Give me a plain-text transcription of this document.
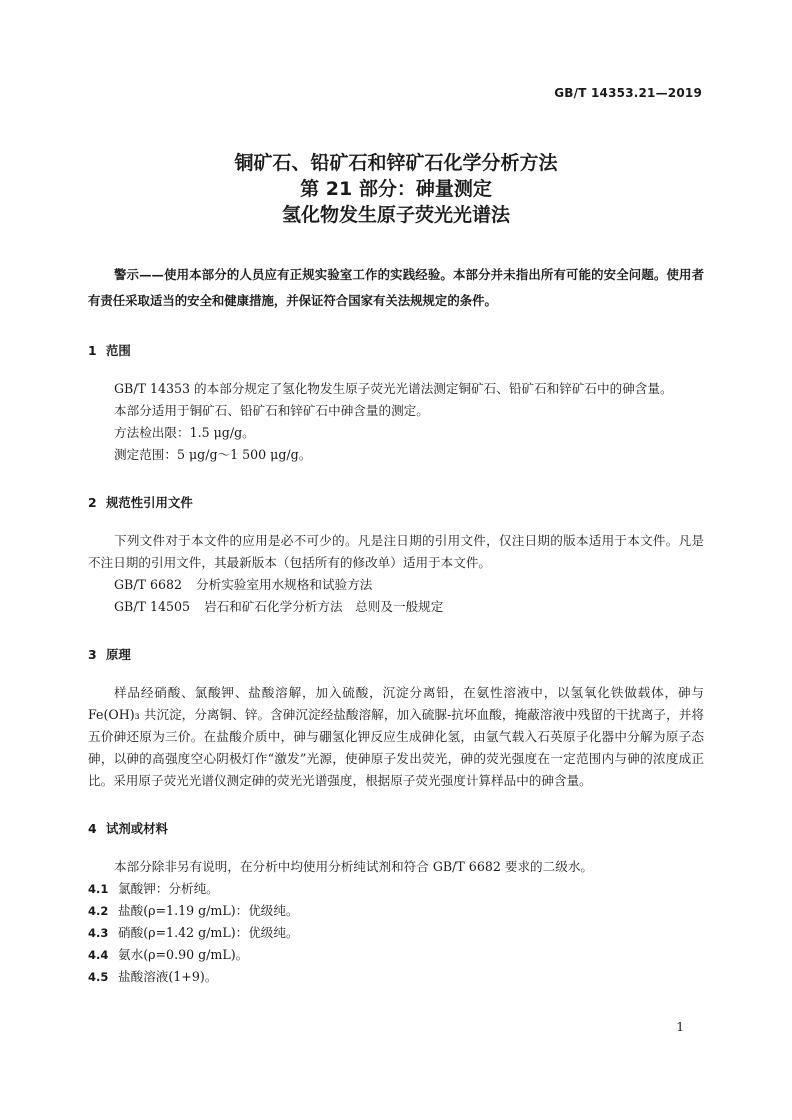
GB/T 14353.21—2019
铜矿石、铅矿石和锌矿石化学分析方法
第 21 部分：砷量测定
氢化物发生原子荧光光谱法
警示——使用本部分的人员应有正规实验室工作的实践经验。本部分并未指出所有可能的安全问题。使用者有责任采取适当的安全和健康措施，并保证符合国家有关法规规定的条件。
1 范围
GB/T 14353 的本部分规定了氢化物发生原子荧光光谱法测定铜矿石、铅矿石和锌矿石中的砷含量。
本部分适用于铜矿石、铅矿石和锌矿石中砷含量的测定。
方法检出限：1.5 μg/g。
测定范围：5 μg/g～1 500 μg/g。
2 规范性引用文件
下列文件对于本文件的应用是必不可少的。凡是注日期的引用文件，仅注日期的版本适用于本文件。凡是不注日期的引用文件，其最新版本（包括所有的修改单）适用于本文件。
GB/T 6682 分析实验室用水规格和试验方法
GB/T 14505 岩石和矿石化学分析方法　总则及一般规定
3 原理
样品经硝酸、氯酸钾、盐酸溶解，加入硫酸，沉淀分离铅，在氨性溶液中，以氢氧化铁做载体，砷与Fe(OH)₃ 共沉淀，分离铜、锌。含砷沉淀经盐酸溶解，加入硫脲-抗坏血酸，掩蔽溶液中残留的干扰离子，并将五价砷还原为三价。在盐酸介质中，砷与硼氢化钾反应生成砷化氢，由氩气载入石英原子化器中分解为原子态砷，以砷的高强度空心阴极灯作“激发”光源，使砷原子发出荧光，砷的荧光强度在一定范围内与砷的浓度成正比。采用原子荧光光谱仪测定砷的荧光光谱强度，根据原子荧光强度计算样品中的砷含量。
4 试剂或材料
本部分除非另有说明，在分析中均使用分析纯试剂和符合 GB/T 6682 要求的二级水。
4.1 氯酸钾：分析纯。
4.2 盐酸(ρ=1.19 g/mL)：优级纯。
4.3 硝酸(ρ=1.42 g/mL)：优级纯。
4.4 氨水(ρ=0.90 g/mL)。
4.5 盐酸溶液(1+9)。
1
